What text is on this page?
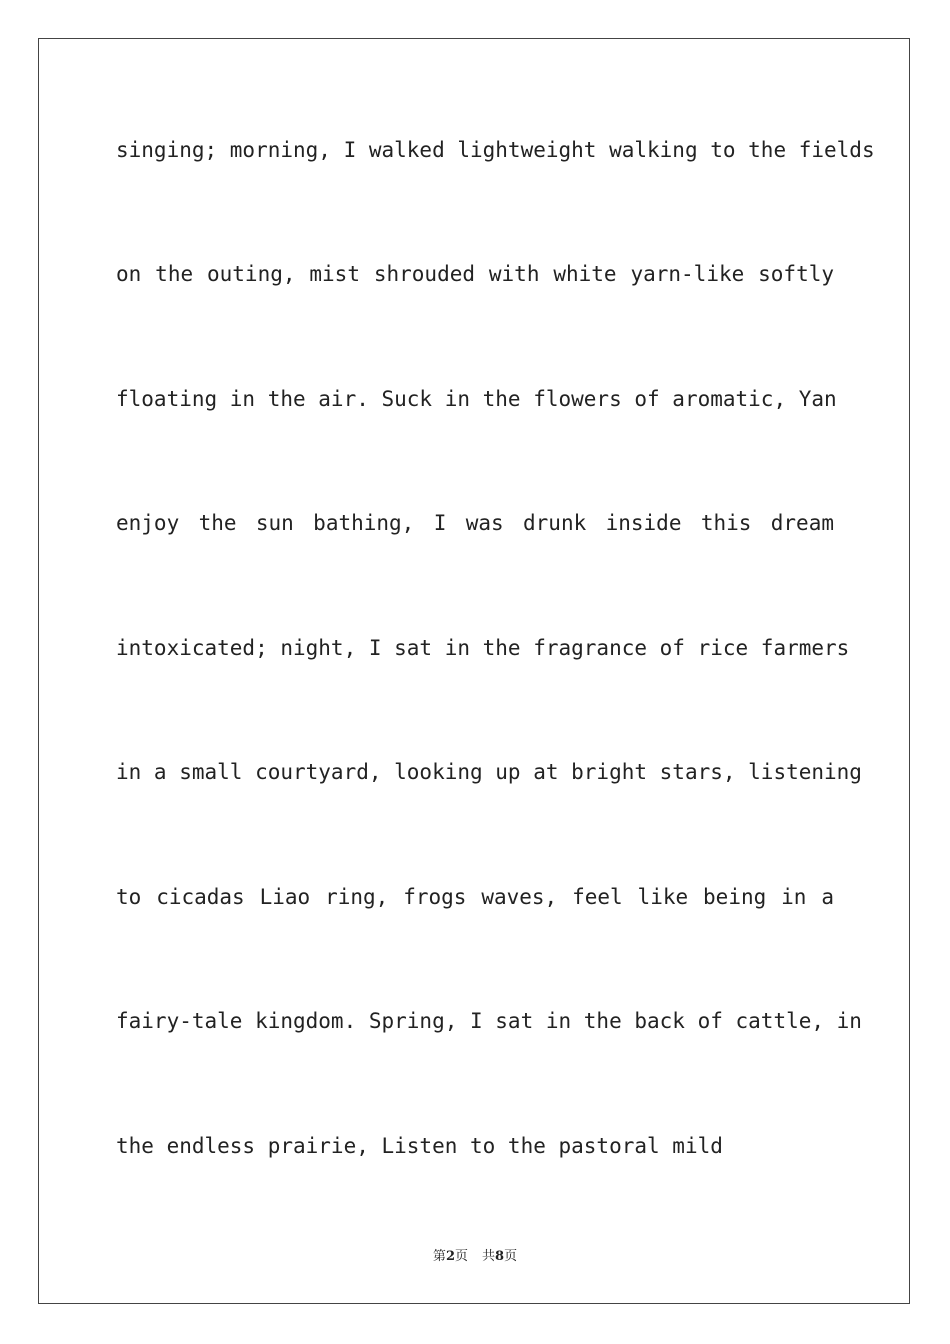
singing; morning, I walked lightweight walking to the fields
on the outing, mist shrouded with white yarn-like softly
floating in the air. Suck in the flowers of aromatic, Yan
enjoy the sun bathing, I was drunk inside this dream
intoxicated; night, I sat in the fragrance of rice farmers
in a small courtyard, looking up at bright stars, listening
to cicadas Liao ring, frogs waves, feel like being in a
fairy-tale kingdom. Spring, I sat in the back of cattle, in
the endless prairie, Listen to the pastoral mild
第2页 共8页
